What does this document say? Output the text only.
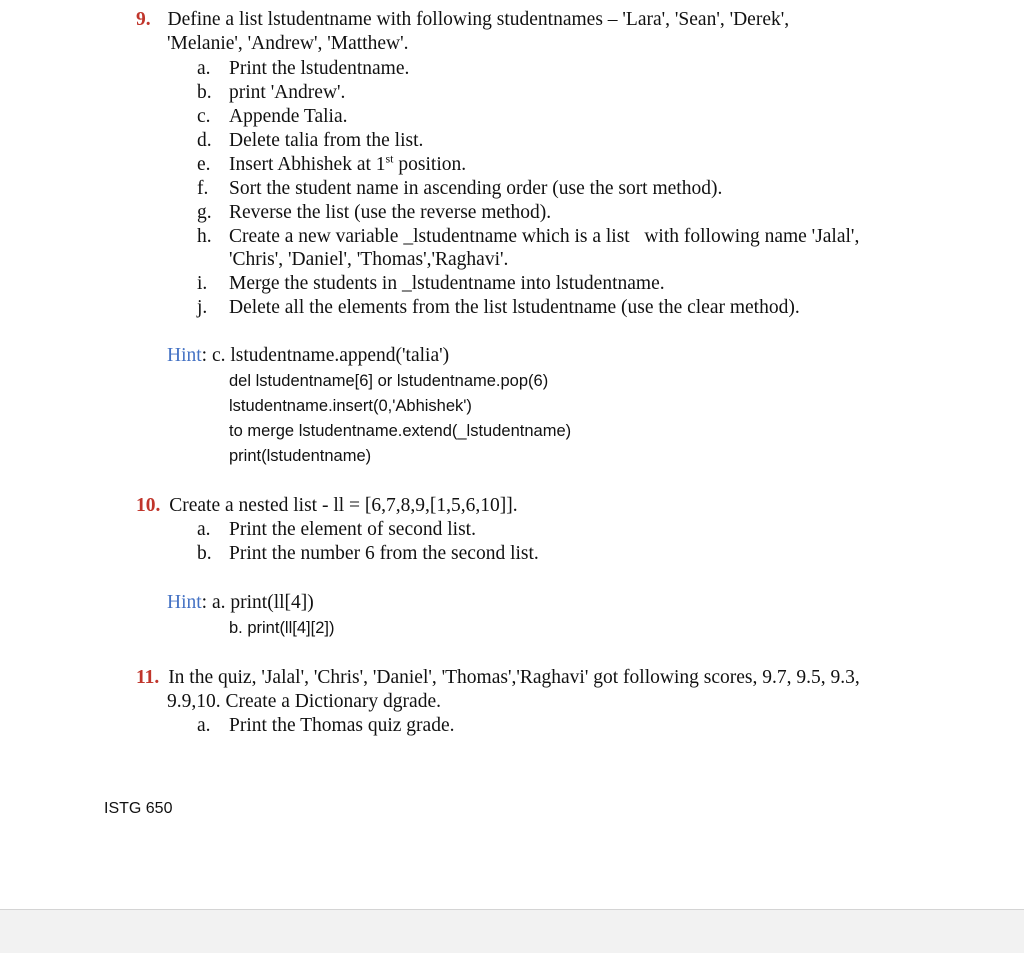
9. Define a list lstudentname with following studentnames – 'Lara', 'Sean', 'Derek',
'Melanie', 'Andrew', 'Matthew'.
a. Print the lstudentname.
b. print 'Andrew'.
c. Appende Talia.
d. Delete talia from the list.
e. Insert Abhishek at 1st position.
f. Sort the student name in ascending order (use the sort method).
g. Reverse the list (use the reverse method).
h. Create a new variable _lstudentname which is a list   with following name 'Jalal',
'Chris', 'Daniel', 'Thomas','Raghavi'.
i. Merge the students in _lstudentname into lstudentname.
j. Delete all the elements from the list lstudentname (use the clear method).
Hint: c. lstudentname.append('talia')
del lstudentname[6] or lstudentname.pop(6)
lstudentname.insert(0,'Abhishek')
to merge lstudentname.extend(_lstudentname)
print(lstudentname)
10. Create a nested list - ll = [6,7,8,9,[1,5,6,10]].
a. Print the element of second list.
b. Print the number 6 from the second list.
Hint: a. print(ll[4])
b. print(ll[4][2])
11. In the quiz, 'Jalal', 'Chris', 'Daniel', 'Thomas','Raghavi' got following scores, 9.7, 9.5, 9.3,
9.9,10. Create a Dictionary dgrade.
a. Print the Thomas quiz grade.
ISTG 650
